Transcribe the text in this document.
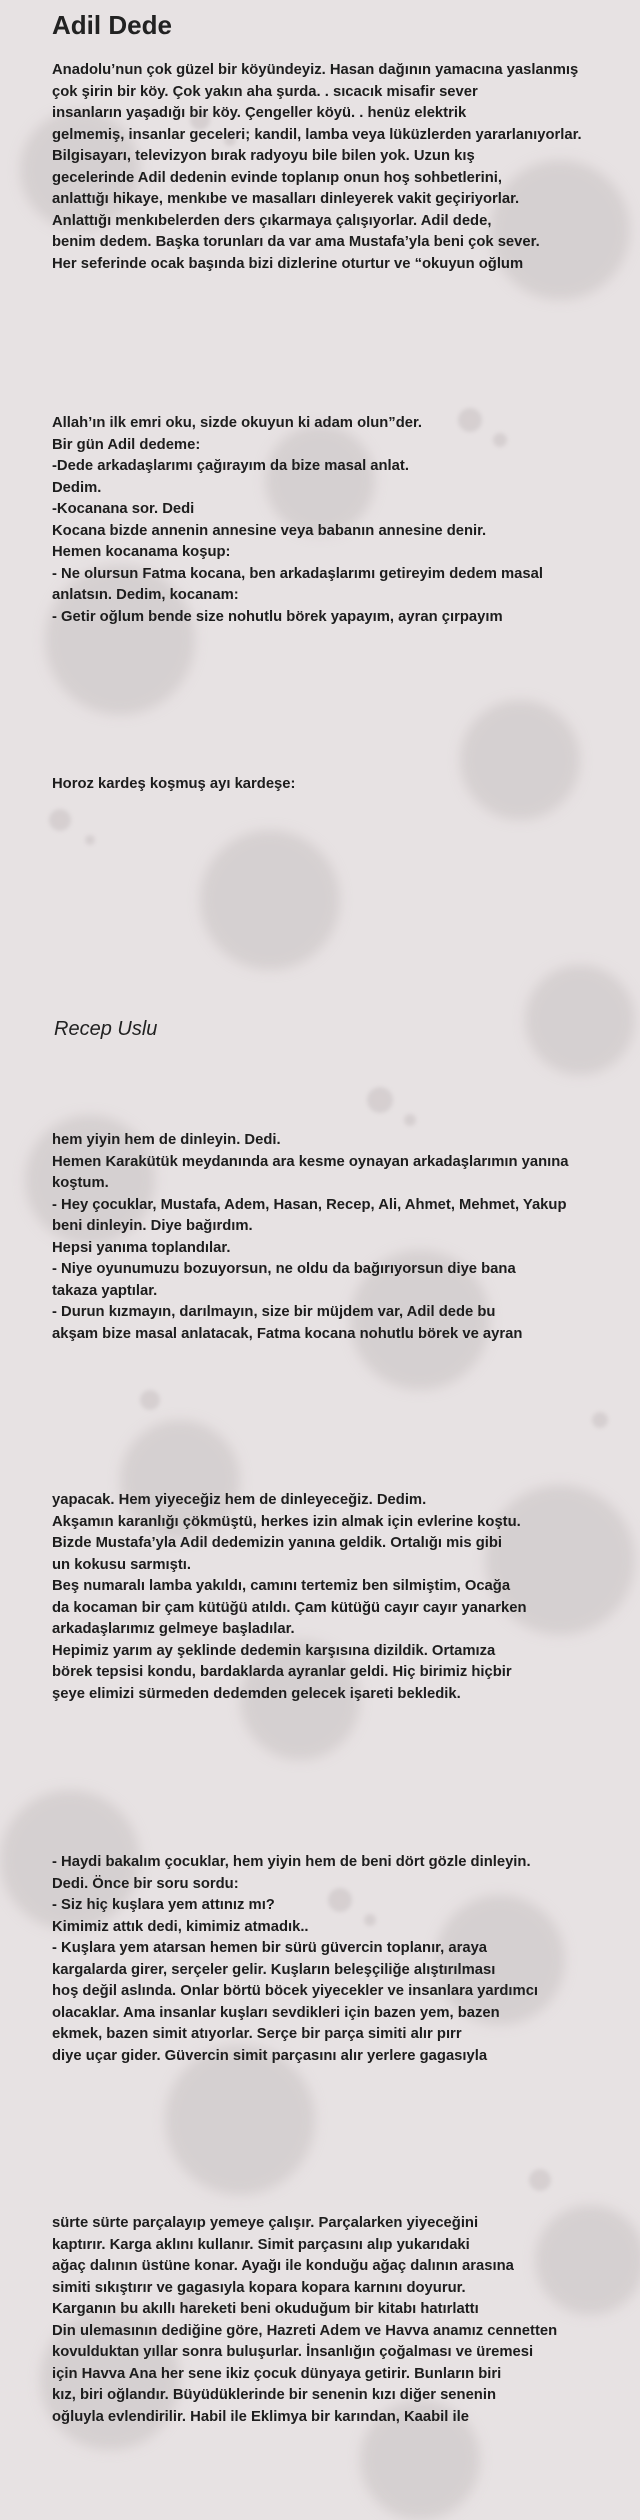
Adil Dede
Anadolu’nun çok güzel bir köyündeyiz. Hasan dağının yamacına yaslanmış
çok şirin bir köy. Çok yakın aha şurda. . sıcacık misafir sever
insanların yaşadığı bir köy. Çengeller köyü. . henüz elektrik
gelmemiş, insanlar geceleri; kandil, lamba veya lüküzlerden yararlanıyorlar.
Bilgisayarı, televizyon bırak radyoyu bile bilen yok. Uzun kış
gecelerinde Adil dedenin evinde toplanıp onun hoş sohbetlerini,
anlattığı hikaye, menkıbe ve masalları dinleyerek vakit geçiriyorlar.
Anlattığı menkıbelerden ders çıkarmaya çalışıyorlar. Adil dede,
benim dedem. Başka torunları da var ama Mustafa’yla beni çok sever.
Her seferinde ocak başında bizi dizlerine oturtur ve “okuyun oğlum
Allah’ın ilk emri oku, sizde okuyun ki adam olun”der.
Bir gün Adil dedeme:
-Dede arkadaşlarımı çağırayım da bize masal anlat.
Dedim.
-Kocanana sor. Dedi
Kocana bizde annenin annesine veya babanın annesine denir.
Hemen kocanama koşup:
- Ne olursun Fatma kocana, ben arkadaşlarımı getireyim dedem masal
anlatsın. Dedim, kocanam:
- Getir oğlum bende size nohutlu börek yapayım, ayran çırpayım
Horoz kardeş koşmuş ayı kardeşe:
Recep Uslu
hem yiyin hem de dinleyin. Dedi.
Hemen Karakütük meydanında ara kesme oynayan arkadaşlarımın yanına
koştum.
- Hey çocuklar, Mustafa, Adem, Hasan, Recep, Ali, Ahmet, Mehmet, Yakup
beni dinleyin. Diye bağırdım.
Hepsi yanıma toplandılar.
- Niye oyunumuzu bozuyorsun, ne oldu da bağırıyorsun diye bana
takaza yaptılar.
- Durun kızmayın, darılmayın, size bir müjdem var, Adil dede bu
akşam bize masal anlatacak, Fatma kocana nohutlu börek ve ayran
yapacak. Hem yiyeceğiz hem de dinleyeceğiz. Dedim.
Akşamın karanlığı çökmüştü, herkes izin almak için evlerine koştu.
Bizde Mustafa’yla Adil dedemizin yanına geldik. Ortalığı mis gibi
un kokusu sarmıştı.
Beş numaralı lamba yakıldı, camını tertemiz ben silmiştim, Ocağa
da kocaman bir çam kütüğü atıldı. Çam kütüğü cayır cayır yanarken
arkadaşlarımız gelmeye başladılar.
Hepimiz yarım ay şeklinde dedemin karşısına dizildik. Ortamıza
börek tepsisi kondu, bardaklarda ayranlar geldi. Hiç birimiz hiçbir
şeye elimizi sürmeden dedemden gelecek işareti bekledik.
- Haydi bakalım çocuklar, hem yiyin hem de beni dört gözle dinleyin.
Dedi. Önce bir soru sordu:
- Siz hiç kuşlara yem attınız mı?
Kimimiz attık dedi, kimimiz atmadık..
- Kuşlara yem atarsan hemen bir sürü güvercin toplanır, araya
kargalarda girer, serçeler gelir. Kuşların beleşçiliğe alıştırılması
hoş değil aslında. Onlar börtü böcek yiyecekler ve insanlara yardımcı
olacaklar. Ama insanlar kuşları sevdikleri için bazen yem, bazen
ekmek, bazen simit atıyorlar. Serçe bir parça simiti alır pırr
diye uçar gider. Güvercin simit parçasını alır yerlere gagasıyla
sürte sürte parçalayıp yemeye çalışır. Parçalarken yiyeceğini
kaptırır. Karga aklını kullanır. Simit parçasını alıp yukarıdaki
ağaç dalının üstüne konar. Ayağı ile konduğu ağaç dalının arasına
simiti sıkıştırır ve gagasıyla kopara kopara karnını doyurur.
Karganın bu akıllı hareketi beni okuduğum bir kitabı hatırlattı
Din ulemasının dediğine göre, Hazreti Adem ve Havva anamız cennetten
kovulduktan yıllar sonra buluşurlar. İnsanlığın çoğalması ve üremesi
için Havva Ana her sene ikiz çocuk dünyaya getirir. Bunların biri
kız, biri oğlandır. Büyüdüklerinde bir senenin kızı diğer senenin
oğluyla evlendirilir. Habil ile Eklimya bir karından, Kaabil ile
